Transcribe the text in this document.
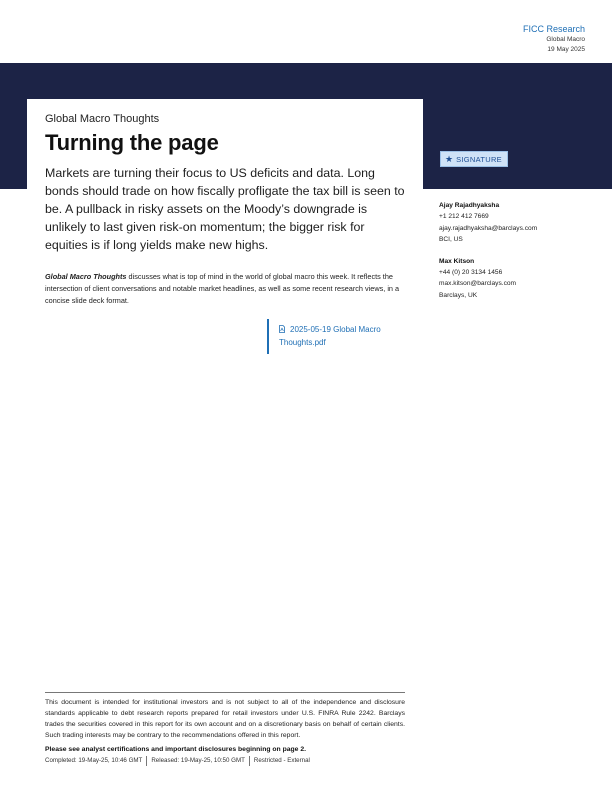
FICC Research
Global Macro
19 May 2025
Global Macro Thoughts
Turning the page

Markets are turning their focus to US deficits and data. Long bonds should trade on how fiscally profligate the tax bill is seen to be. A pullback in risky assets on the Moody’s downgrade is unlikely to last given risk-on momentum; the bigger risk for equities is if long yields make new highs.

★ SIGNATURE
Ajay Rajadhyaksha
+1 212 412 7669
ajay.rajadhyaksha@barclays.com
BCI, US
Max Kitson
+44 (0) 20 3134 1456
max.kitson@barclays.com
Barclays, UK

Global Macro Thoughts discusses what is top of mind in the world of global macro this week. It reflects the intersection of client conversations and notable market headlines, as well as some recent research views, in a concise slide deck format.

2025-05-19 Global Macro
Thoughts.pdf

This document is intended for institutional investors and is not subject to all of the independence and disclosure standards applicable to debt research reports prepared for retail investors under U.S. FINRA Rule 2242. Barclays trades the securities covered in this report for its own account and on a discretionary basis on behalf of certain clients. Such trading interests may be contrary to the recommendations offered in this report.

Please see analyst certifications and important disclosures beginning on page 2.

Completed: 19-May-25, 10:46 GMT	Released: 19-May-25, 10:50 GMT	Restricted - External
